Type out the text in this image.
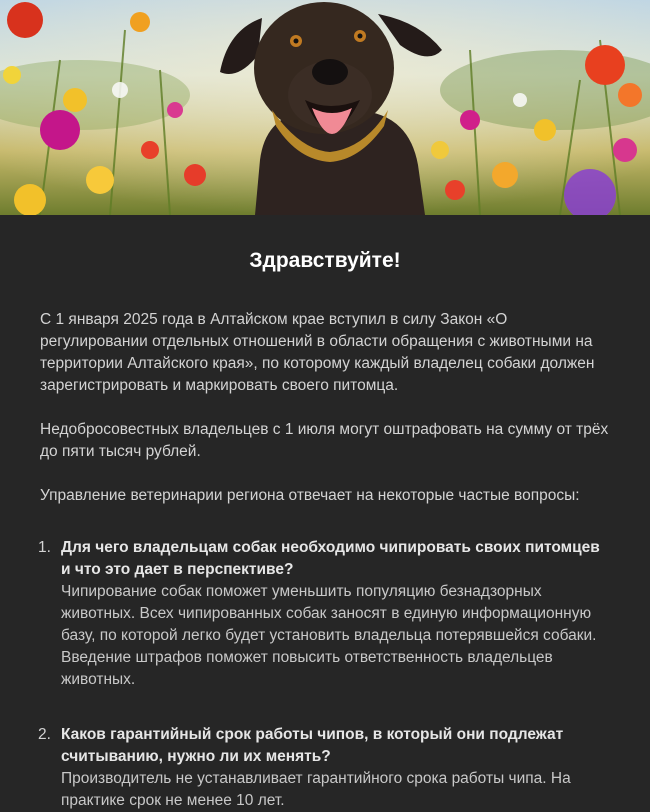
Здравствуйте!

С 1 января 2025 года в Алтайском крае вступил в силу Закон «О регулировании отдельных отношений в области обращения с животными на территории Алтайского края», по которому каждый владелец собаки должен зарегистрировать и маркировать своего питомца.

Недобросовестных владельцев с 1 июля могут оштрафовать на сумму от трёх до пяти тысяч рублей.

Управление ветеринарии региона отвечает на некоторые частые вопросы:

1. Для чего владельцам собак необходимо чипировать своих питомцев и что это дает в перспективе?
Чипирование собак поможет уменьшить популяцию безнадзорных животных. Всех чипированных собак заносят в единую информационную базу, по которой легко будет установить владельца потерявшейся собаки. Введение штрафов поможет повысить ответственность владельцев животных.
2. Каков гарантийный срок работы чипов, в который они подлежат считыванию, нужно ли их менять?
Производитель не устанавливает гарантийного срока работы чипа. На практике срок не менее 10 лет.
